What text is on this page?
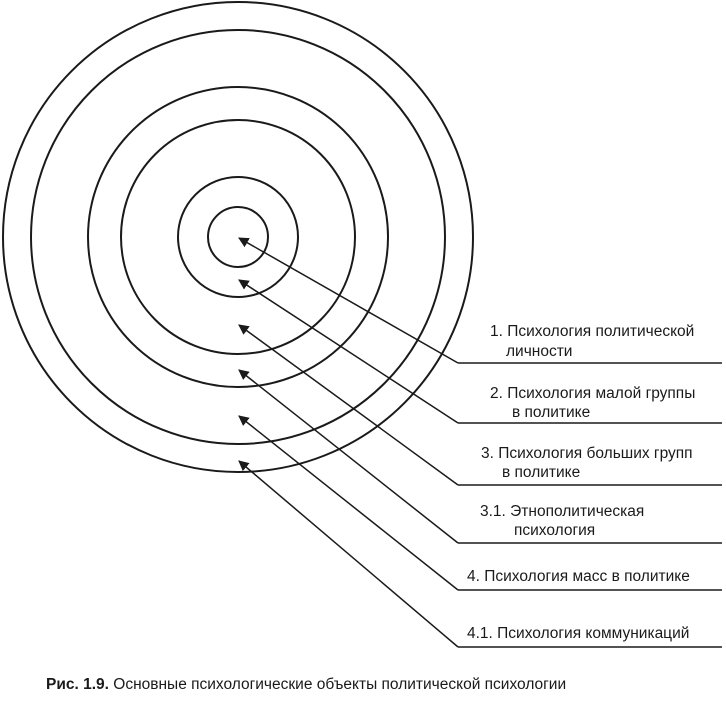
1. Психология политической
личности
2. Психология малой группы
в политике
3. Психология больших групп
в политике
3.1. Этнополитическая
психология
4. Психология масс в политике
4.1. Психология коммуникаций
Рис. 1.9. Основные психологические объекты политической психологии
